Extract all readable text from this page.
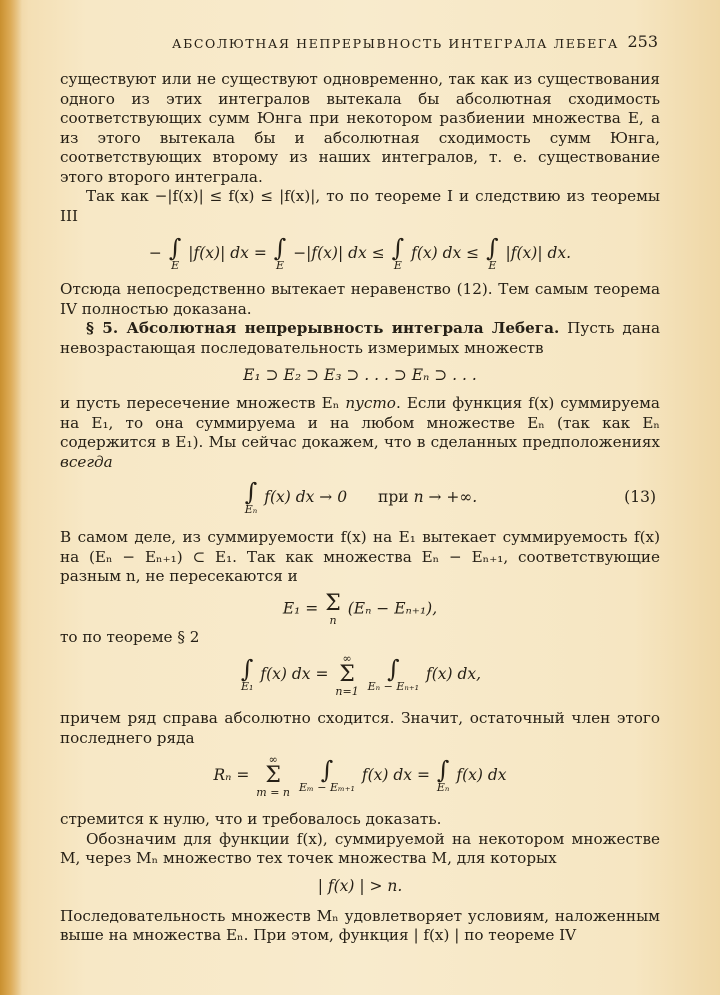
АБСОЛЮТНАЯ НЕПРЕРЫВНОСТЬ ИНТЕГРАЛА ЛЕБЕГА 253

существуют или не существуют одновременно, так как из существования одного из этих интегралов вытекала бы абсолютная сходимость соответствующих сумм Юнга при некотором разбиении множества E, а из этого вытекала бы и абсолютная сходимость сумм Юнга, соответствующих второму из наших интегралов, т. е. существование этого второго интеграла.

Так как −|f(x)| ≤ f(x) ≤ |f(x)|, то по теореме I и следствию из теоремы III

− ∫
E
|f(x)| dx = ∫
E
−|f(x)| dx ≤ ∫
E
f(x) dx ≤ ∫
E
|f(x)| dx.

Отсюда непосредственно вытекает неравенство (12). Тем самым теорема IV полностью доказана.

§ 5. Абсолютная непрерывность интеграла Лебега. Пусть дана невозрастающая последовательность измеримых множеств

E₁ ⊃ E₂ ⊃ E₃ ⊃ . . . ⊃ Eₙ ⊃ . . .

и пусть пересечение множеств Eₙ пусто. Если функция f(x) суммируема на E₁, то она суммируема и на любом множестве Eₙ (так как Eₙ содержится в E₁). Мы сейчас докажем, что в сделанных предположениях всегда

∫
Eₙ
f(x) dx → 0 при n → +∞.	(13)

В самом деле, из суммируемости f(x) на E₁ вытекает суммируемость f(x) на (Eₙ − Eₙ₊₁) ⊂ E₁. Так как множества Eₙ − Eₙ₊₁, соответствующие разным n, не пересекаются и

E₁ = Σ
n
(Eₙ − Eₙ₊₁),

то по теореме § 2

∫
E₁
f(x) dx =
∞
Σ
n=1

∫
Eₙ − Eₙ₊₁
f(x) dx,

причем ряд справа абсолютно сходится. Значит, остаточный член этого последнего ряда

Rₙ =
∞
Σ
m = n

∫
Eₘ − Eₘ₊₁
f(x) dx = ∫
Eₙ
f(x) dx

стремится к нулю, что и требовалось доказать.

Обозначим для функции f(x), суммируемой на некотором множестве M, через Mₙ множество тех точек множества M, для которых

| f(x) | > n.

Последовательность множеств Mₙ удовлетворяет условиям, наложенным выше на множества Eₙ. При этом, функция | f(x) | по теореме IV
